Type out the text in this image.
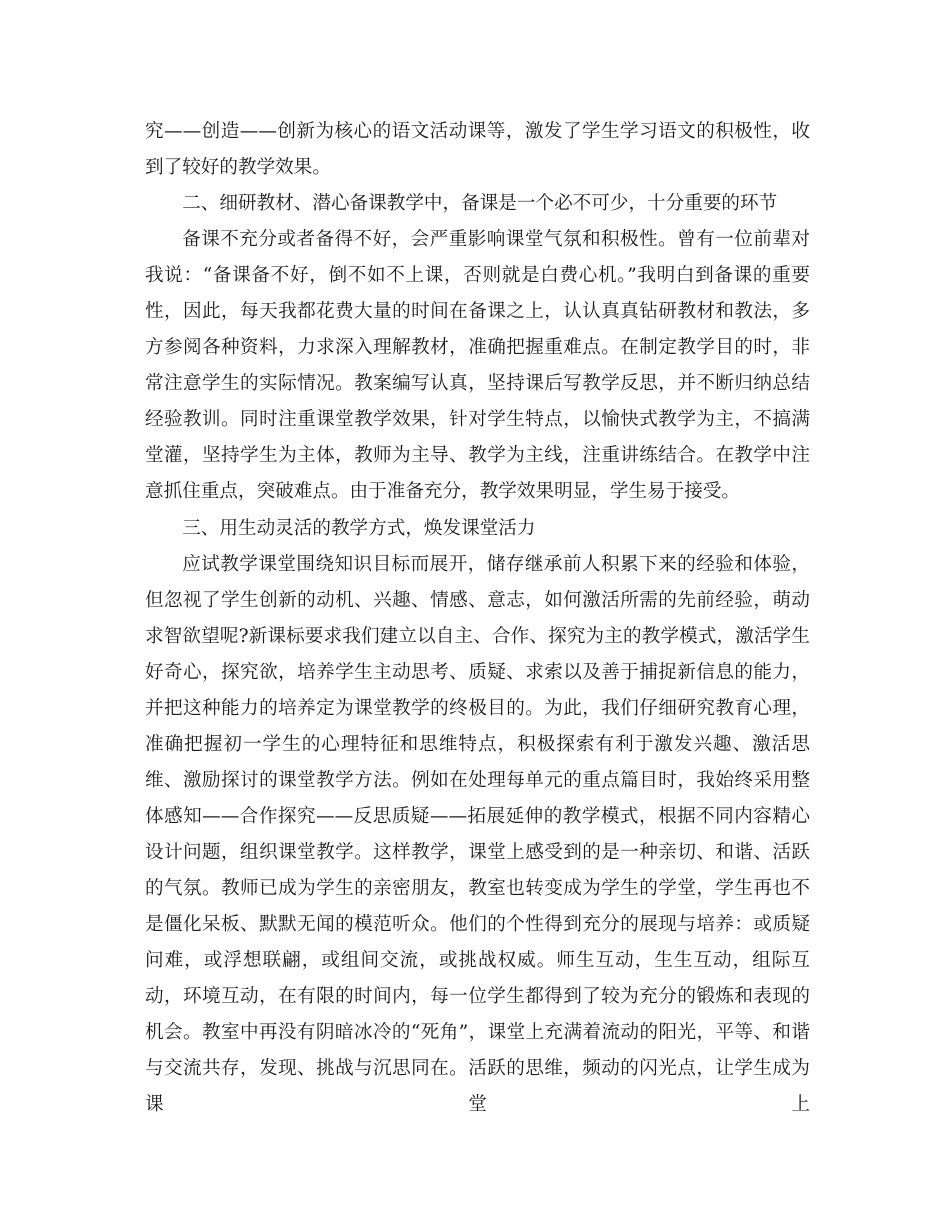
究——创造——创新为核心的语文活动课等，激发了学生学习语文的积极性，收到了较好的教学效果。

二、细研教材、潜心备课教学中，备课是一个必不可少，十分重要的环节

备课不充分或者备得不好，会严重影响课堂气氛和积极性。曾有一位前辈对我说：“备课备不好，倒不如不上课，否则就是白费心机。”我明白到备课的重要性，因此，每天我都花费大量的时间在备课之上，认认真真钻研教材和教法，多方参阅各种资料，力求深入理解教材，准确把握重难点。在制定教学目的时，非常注意学生的实际情况。教案编写认真，坚持课后写教学反思，并不断归纳总结经验教训。同时注重课堂教学效果，针对学生特点，以愉快式教学为主，不搞满堂灌，坚持学生为主体，教师为主导、教学为主线，注重讲练结合。在教学中注意抓住重点，突破难点。由于准备充分，教学效果明显，学生易于接受。

三、用生动灵活的教学方式，焕发课堂活力

应试教学课堂围绕知识目标而展开，储存继承前人积累下来的经验和体验，但忽视了学生创新的动机、兴趣、情感、意志，如何激活所需的先前经验，萌动求智欲望呢?新课标要求我们建立以自主、合作、探究为主的教学模式，激活学生好奇心，探究欲，培养学生主动思考、质疑、求索以及善于捕捉新信息的能力，并把这种能力的培养定为课堂教学的终极目的。为此，我们仔细研究教育心理，准确把握初一学生的心理特征和思维特点，积极探索有利于激发兴趣、激活思维、激励探讨的课堂教学方法。例如在处理每单元的重点篇目时，我始终采用整体感知——合作探究——反思质疑——拓展延伸的教学模式，根据不同内容精心设计问题，组织课堂教学。这样教学，课堂上感受到的是一种亲切、和谐、活跃的气氛。教师已成为学生的亲密朋友，教室也转变成为学生的学堂，学生再也不是僵化呆板、默默无闻的模范听众。他们的个性得到充分的展现与培养：或质疑问难，或浮想联翩，或组间交流，或挑战权威。师生互动，生生互动，组际互动，环境互动，在有限的时间内，每一位学生都得到了较为充分的锻炼和表现的机会。教室中再没有阴暗冰冷的“死角”，课堂上充满着流动的阳光，平等、和谐与交流共存，发现、挑战与沉思同在。活跃的思维，频动的闪光点，让学生成为课堂上
